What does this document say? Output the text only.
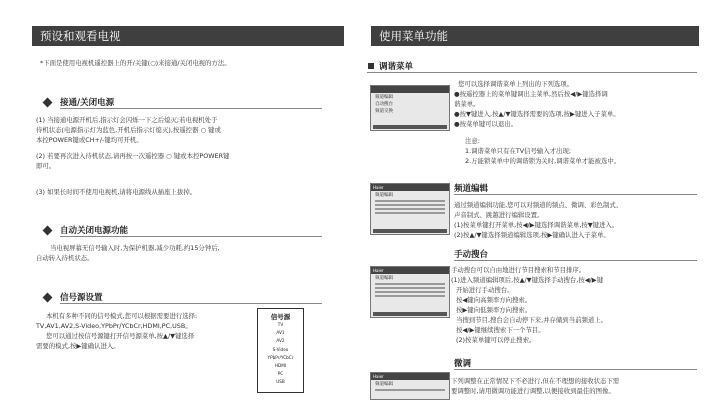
预设和观看电视
*下面是使用电视机遥控器上的开/关键(○)来接通/关闭电视的方法。
接通/关闭电源
(1) 当接通电源开机后,指示灯会闪烁一下之后熄灭;若电视机处于
待机状态(电源指示灯为蓝色,开机后指示灯熄灭),按遥控器 ○ 键或
本控POWER键或CH+/-键均可开机。
(2) 若要再次进入待机状态,请再按一次遥控器 ○ 键或本控POWER键
即可。
(3) 如果长时间不使用电视机,请将电源线从插座上拔掉。
自动关闭电源功能
当电视屏幕无信号输入时,为保护机器,减少功耗,约15分钟后,
自动转入待机状态。
信号源设置
本机有多种不同的信号模式,您可以根据需要进行选择:
TV,AV1,AV2,S-Video,YPbPr/YCbCr,HDMI,PC,USB。
您可以通过按信号源键打开信号源菜单,按▲/▼键选择
需要的模式,按▶键确认进入。
信号源
TV
AV1
AV2
S-Video
YPbPr/YCbCr
HDMI
PC
USB
使用菜单功能
调谐菜单
频道编辑
自动搜台
频道交换
您可以选择调谐菜单上列出的下列选项。
●按遥控器上的菜单键调出主菜单,然后按◀/▶键选择调
谐菜单。
●按▼键进入,按▲/▼键选择需要的选项,按▶键进入子菜单。
●按菜单键可以退出。
注意:
1.调谐菜单只有在TV信号输入才出现;
2.万能锁菜单中的调谐锁为关时,调谐菜单才能被选中。
Haier
频道编辑
频道编辑
通过频道编辑功能,您可以对频道的频点、微调、彩色制式、
声音制式、跳越进行编辑设置。
(1)按菜单键打开菜单,按◀/▶键选择调谐菜单,按▼键进入。
(2)按▲/▼键选择频道编辑选项,按▶键确认进入子菜单。
手动搜台
Haier
频道编辑
手动搜台可以自由地进行节目搜索和节目排序。
(1)进入频道编辑项后,按▲/▼键选择手动搜台,按◀/▶键
开始进行手动搜台。
按◀键向高频率方向搜索。
按▶键向低频率方向搜索。
当搜到节目,搜台会自动停下来,并存储到当前频道上。
按◀/▶键继续搜索下一个节目。
(2)按菜单键可以停止搜索。
微调
Haier
频道编辑	下列调整在正常情况下不必进行,但在不理想的接收状态下需
要调整时,请用微调功能进行调整,以便接收到最佳的图像。
